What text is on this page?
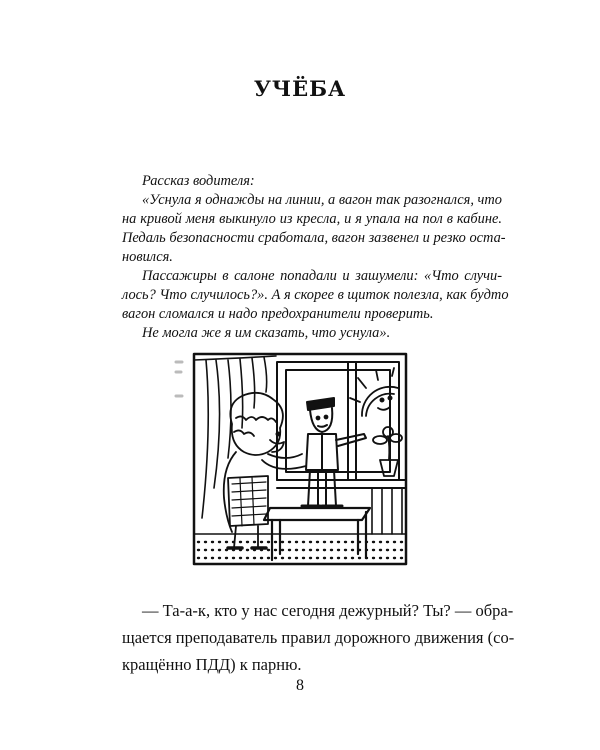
УЧЁБА
Рассказ водителя:
«Уснула я однажды на линии, а вагон так разогнался, что
на кривой меня выкинуло из кресла, и я упала на пол в кабине.
Педаль безопасности сработала, вагон зазвенел и резко оста-
новился.
Пассажиры в салоне попадали и зашумели: «Что случи-
лось? Что случилось?». А я скорее в щиток полезла, как будто
вагон сломался и надо предохранители проверить.
Не могла же я им сказать, что уснула».
— Та-а-к, кто у нас сегодня дежурный? Ты? — обра-
щается преподаватель правил дорожного движения (со-
кращённо ПДД) к парню.
8
